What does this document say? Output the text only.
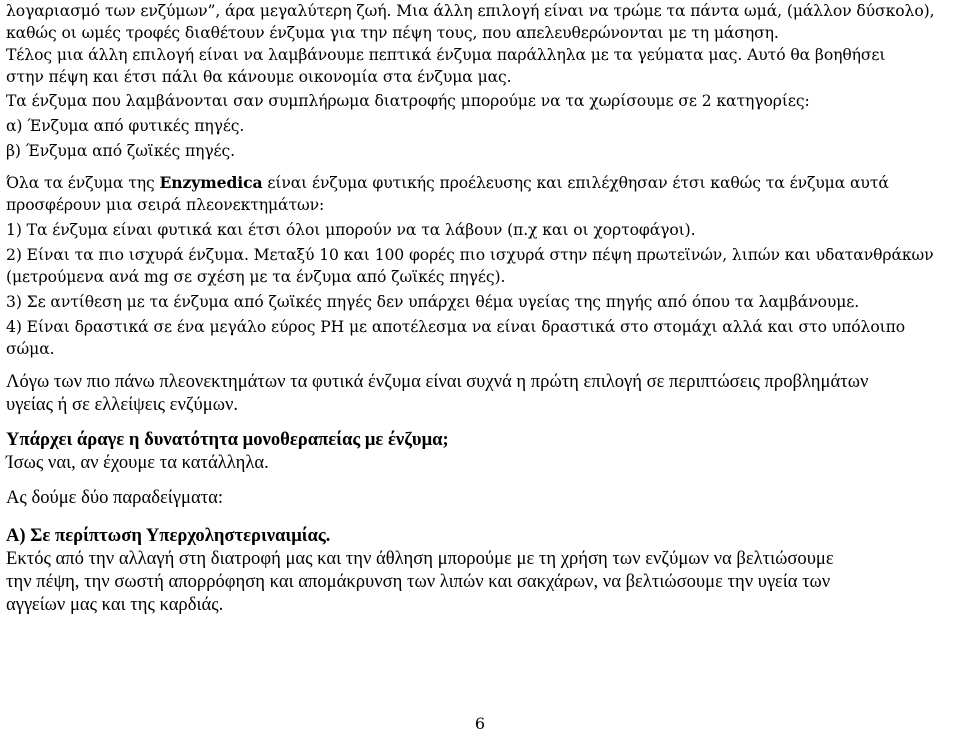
λογαριασμό των ενζύμων”, άρα μεγαλύτερη ζωή. Μια άλλη επιλογή είναι να τρώμε τα πάντα ωμά, (μάλλον δύσκολο),

καθώς οι ωμές τροφές διαθέτουν ένζυμα για την πέψη τους, που απελευθερώνονται με τη μάσηση.

Τέλος μια άλλη επιλογή είναι να λαμβάνουμε πεπτικά ένζυμα παράλληλα με τα γεύματα μας. Αυτό θα βοηθήσει

στην πέψη και έτσι πάλι θα κάνουμε οικονομία στα ένζυμα μας.

Τα ένζυμα που λαμβάνονται σαν συμπλήρωμα διατροφής μπορούμε να τα χωρίσουμε σε 2 κατηγορίες:

α) Ένζυμα από φυτικές πηγές.

β) Ένζυμα από ζωϊκές πηγές.

Όλα τα ένζυμα της Enzymedica είναι ένζυμα φυτικής προέλευσης και επιλέχθησαν έτσι καθώς τα ένζυμα αυτά

προσφέρουν μια σειρά πλεονεκτημάτων:

1) Τα ένζυμα είναι φυτικά και έτσι όλοι μπορούν να τα λάβουν (π.χ και οι χορτοφάγοι).

2) Είναι τα πιο ισχυρά ένζυμα. Μεταξύ 10 και 100 φορές πιο ισχυρά στην πέψη πρωτεϊνών, λιπών και υδατανθράκων

(μετρούμενα ανά mg σε σχέση με τα ένζυμα από ζωϊκές πηγές).

3) Σε αντίθεση με τα ένζυμα από ζωϊκές πηγές δεν υπάρχει θέμα υγείας της πηγής από όπου τα λαμβάνουμε.

4) Είναι δραστικά σε ένα μεγάλο εύρος PH με αποτέλεσμα να είναι δραστικά στο στομάχι αλλά και στο υπόλοιπο

σώμα.

Λόγω των πιο πάνω πλεονεκτημάτων τα φυτικά ένζυμα είναι συχνά η πρώτη επιλογή σε περιπτώσεις προβλημάτων

υγείας ή σε ελλείψεις ενζύμων.

Υπάρχει άραγε η δυνατότητα μονοθεραπείας με ένζυμα;

Ίσως ναι, αν έχουμε τα κατάλληλα.

Ας δούμε δύο παραδείγματα:

Α) Σε περίπτωση Υπερχοληστεριναιμίας.

Εκτός από την αλλαγή στη διατροφή μας και την άθληση μπορούμε με τη χρήση των ενζύμων να βελτιώσουμε

την πέψη, την σωστή απορρόφηση και απομάκρυνση των λιπών και σακχάρων, να βελτιώσουμε την υγεία των

αγγείων μας και της καρδιάς.

6
